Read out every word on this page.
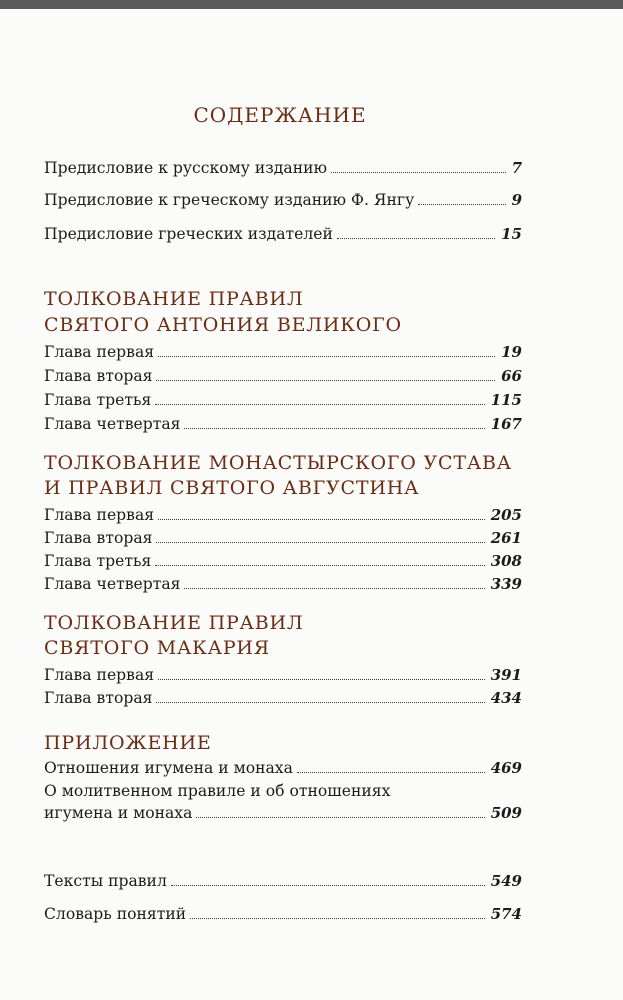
СОДЕРЖАНИЕ
Предисловие к русскому изданию	7
Предисловие к греческому изданию Ф. Янгу	9
Предисловие греческих издателей	15
ТОЛКОВАНИЕ ПРАВИЛ
СВЯТОГО АНТОНИЯ ВЕЛИКОГО
Глава первая	19
Глава вторая	66
Глава третья	115
Глава четвертая	167
ТОЛКОВАНИЕ МОНАСТЫРСКОГО УСТАВА
И ПРАВИЛ СВЯТОГО АВГУСТИНА
Глава первая	205
Глава вторая	261
Глава третья	308
Глава четвертая	339
ТОЛКОВАНИЕ ПРАВИЛ
СВЯТОГО МАКАРИЯ
Глава первая	391
Глава вторая	434
ПРИЛОЖЕНИЕ
Отношения игумена и монаха	469
О молитвенном правиле и об отношениях
игумена и монаха	509
Тексты правил	549
Словарь понятий	574
